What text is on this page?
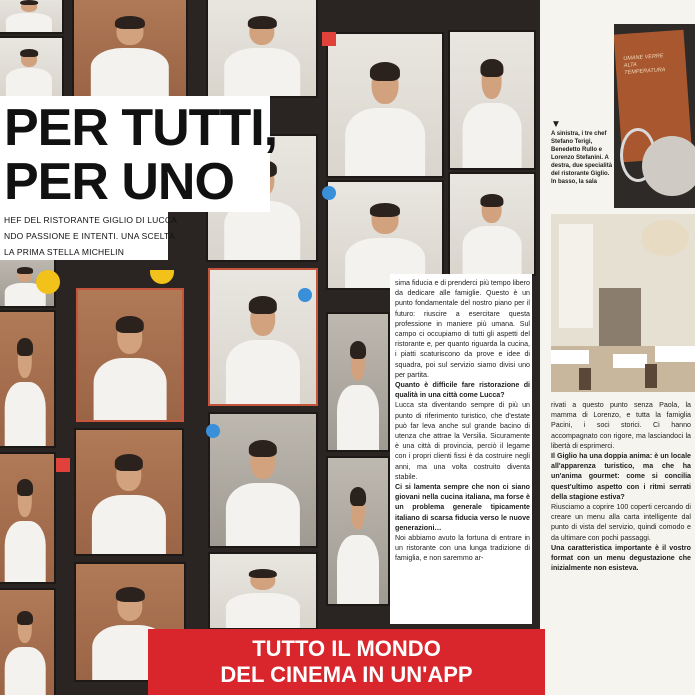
PER TUTTI,
PER UNO
HEF DEL RISTORANTE GIGLIO DI LUCCA
NDO PASSIONE E INTENTI. UNA SCELTA
LA PRIMA STELLA MICHELIN

sima fiducia e di prenderci più tempo libero da dedicare alle famiglie. Questo è un punto fondamentale del nostro piano per il futuro: riuscire a esercitare questa professione in maniere più umana. Sul campo ci occupiamo di tutti gli aspetti del ristorante e, per quanto riguarda la cucina, i piatti scaturiscono da prove e idee di squadra, poi sul servizio siamo divisi uno per partita.

Quanto è difficile fare ristorazione di qualità in una città come Lucca?

Lucca sta diventando sempre di più un punto di riferimento turistico, che d'estate può far leva anche sul grande bacino di utenza che attrae la Versilia. Sicuramente è una città di provincia, perciò il legame con i propri clienti fissi è da costruire negli anni, ma una volta costruito diventa stabile.

Ci si lamenta sempre che non ci siano giovani nella cucina italiana, ma forse è un problema generale tipicamente italiano di scarsa fiducia verso le nuove generazioni…

Noi abbiamo avuto la fortuna di entrare in un ristorante con una lunga tradizione di famiglia, e non saremmo ar-

▼

A sinistra, i tre chef Stefano Terigi, Benedetto Rullo e Lorenzo Stefanini. A destra, due specialità del ristorante Giglio. In basso, la sala

UMANE VERRE ALTA TEMPERATURA

rivati a questo punto senza Paola, la mamma di Lorenzo, e tutta la famiglia Pacini, i soci storici. Ci hanno accompagnato con rigore, ma lasciandoci la libertà di esprimerci.

Il Giglio ha una doppia anima: è un locale all'apparenza turistico, ma che ha un'anima gourmet: come si concilia quest'ultimo aspetto con i ritmi serrati della stagione estiva?

Riusciamo a coprire 100 coperti cercando di creare un menu alla carta intelligente dal punto di vista del servizio, quindi comodo e da ultimare con pochi passaggi.

Una caratteristica importante è il vostro format con un menu degustazione che inizialmente non esisteva.

TUTTO IL MONDO
DEL CINEMA IN UN'APP
